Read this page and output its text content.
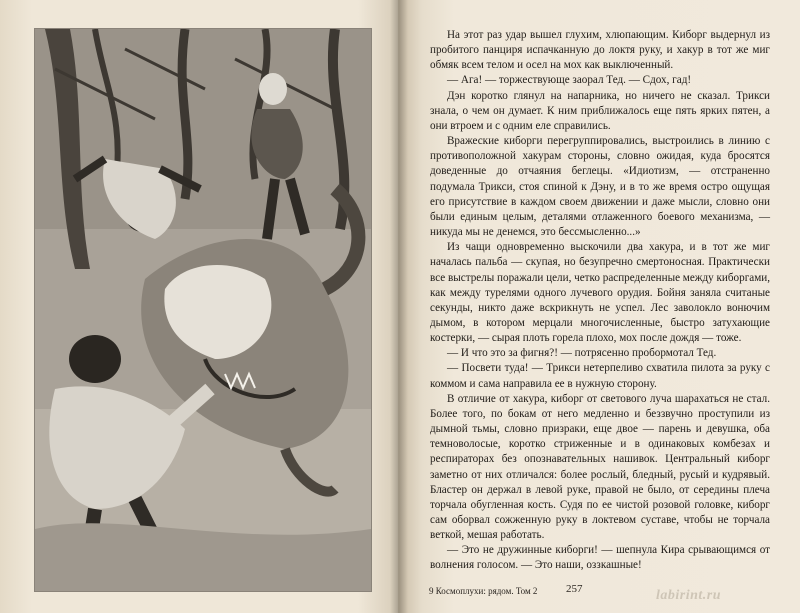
На этот раз удар вышел глухим, хлюпающим. Киборг выдернул из пробитого панциря испачканную до локтя руку, и хакур в тот же миг обмяк всем телом и осел на мох как выключенный.

— Ага! — торжествующе заорал Тед. — Сдох, гад!

Дэн коротко глянул на напарника, но ничего не сказал. Трикси знала, о чем он думает. К ним приближалось еще пять ярких пятен, а они втроем и с одним еле справились.

Вражеские киборги перегруппировались, выстроились в линию с противоположной хакурам стороны, словно ожидая, куда бросятся доведенные до отчаяния беглецы. «Идиотизм, — отстраненно подумала Трикси, стоя спиной к Дэну, и в то же время остро ощущая его присутствие в каждом своем движении и даже мысли, словно они были единым целым, деталями отлаженного боевого механизма, — никуда мы не денемся, это бессмысленно...»

Из чащи одновременно выскочили два хакура, и в тот же миг началась пальба — скупая, но безупречно смертоносная. Практически все выстрелы поражали цели, четко распределенные между киборгами, как между турелями одного лучевого орудия. Бойня заняла считаные секунды, никто даже вскрикнуть не успел. Лес заволокло вонючим дымом, в котором мерцали многочисленные, быстро затухающие костерки, — сырая плоть горела плохо, мох после дождя — тоже.

— И что это за фигня?! — потрясенно пробормотал Тед.

— Посвети туда! — Трикси нетерпеливо схватила пилота за руку с коммом и сама направила ее в нужную сторону.

В отличие от хакура, киборг от светового луча шарахаться не стал. Более того, по бокам от него медленно и беззвучно проступили из дымной тьмы, словно призраки, еще двое — парень и девушка, оба темноволосые, коротко стриженные и в одинаковых комбезах и респираторах без опознавательных нашивок. Центральный киборг заметно от них отличался: более рослый, бледный, русый и кудрявый. Бластер он держал в левой руке, правой не было, от середины плеча торчала обугленная кость. Судя по ее чистой розовой головке, киборг сам оборвал сожженную руку в локтевом суставе, чтобы не торчала веткой, мешая работать.

— Это не дружинные киборги! — шепнула Кира срывающимся от волнения голосом. — Это наши, оззкашные!

9 Космоплухи: рядом. Том 2	257	labirint.ru
